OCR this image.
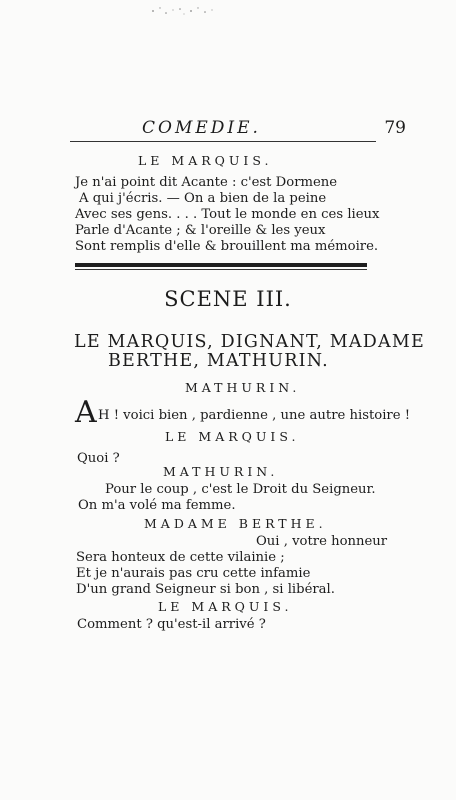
COMEDIE.	79
LE MARQUIS.
Je n'ai point dit Acante : c'est Dormene
A qui j'écris. — On a bien de la peine
Avec ses gens. . . . Tout le monde en ces lieux
Parle d'Acante ; & l'oreille & les yeux
Sont remplis d'elle & brouillent ma mémoire.
SCENE III.
LE MARQUIS, DIGNANT, MADAME
BERTHE, MATHURIN.
MATHURIN.
A H ! voici bien , pardienne , une autre histoire !
LE MARQUIS.
Quoi ?
MATHURIN.
Pour le coup , c'est le Droit du Seigneur.
On m'a volé ma femme.
MADAME BERTHE.
Oui , votre honneur
Sera honteux de cette vilainie ;
Et je n'aurais pas cru cette infamie
D'un grand Seigneur si bon , si libéral.
LE MARQUIS.
Comment ? qu'est-il arrivé ?
